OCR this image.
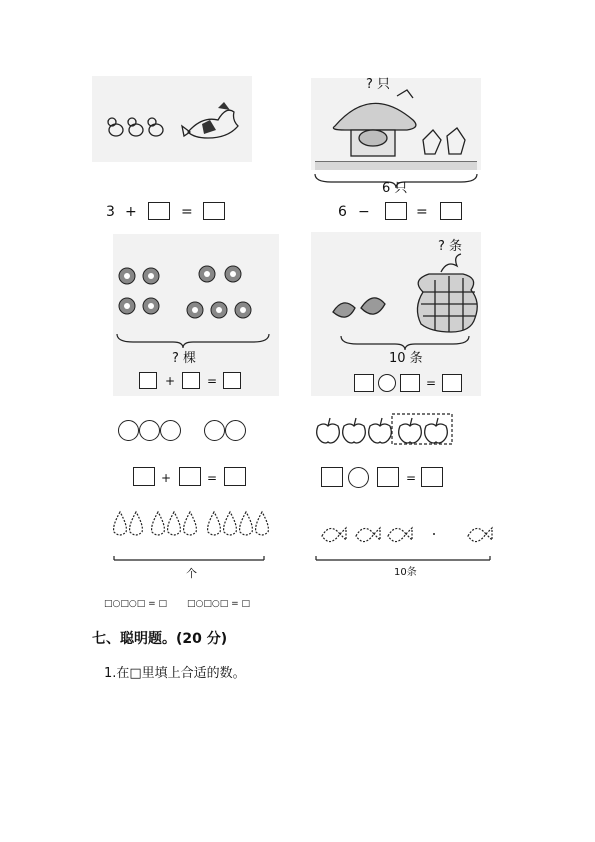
3 +	=
? 只
6 只
6 −	=
? 棵
+	=
? 条
10 条
=
+	=	=
个	10条
□○□○□ = □ □○□○□ = □
七、聪明题。(20 分)
1.在□里填上合适的数。
